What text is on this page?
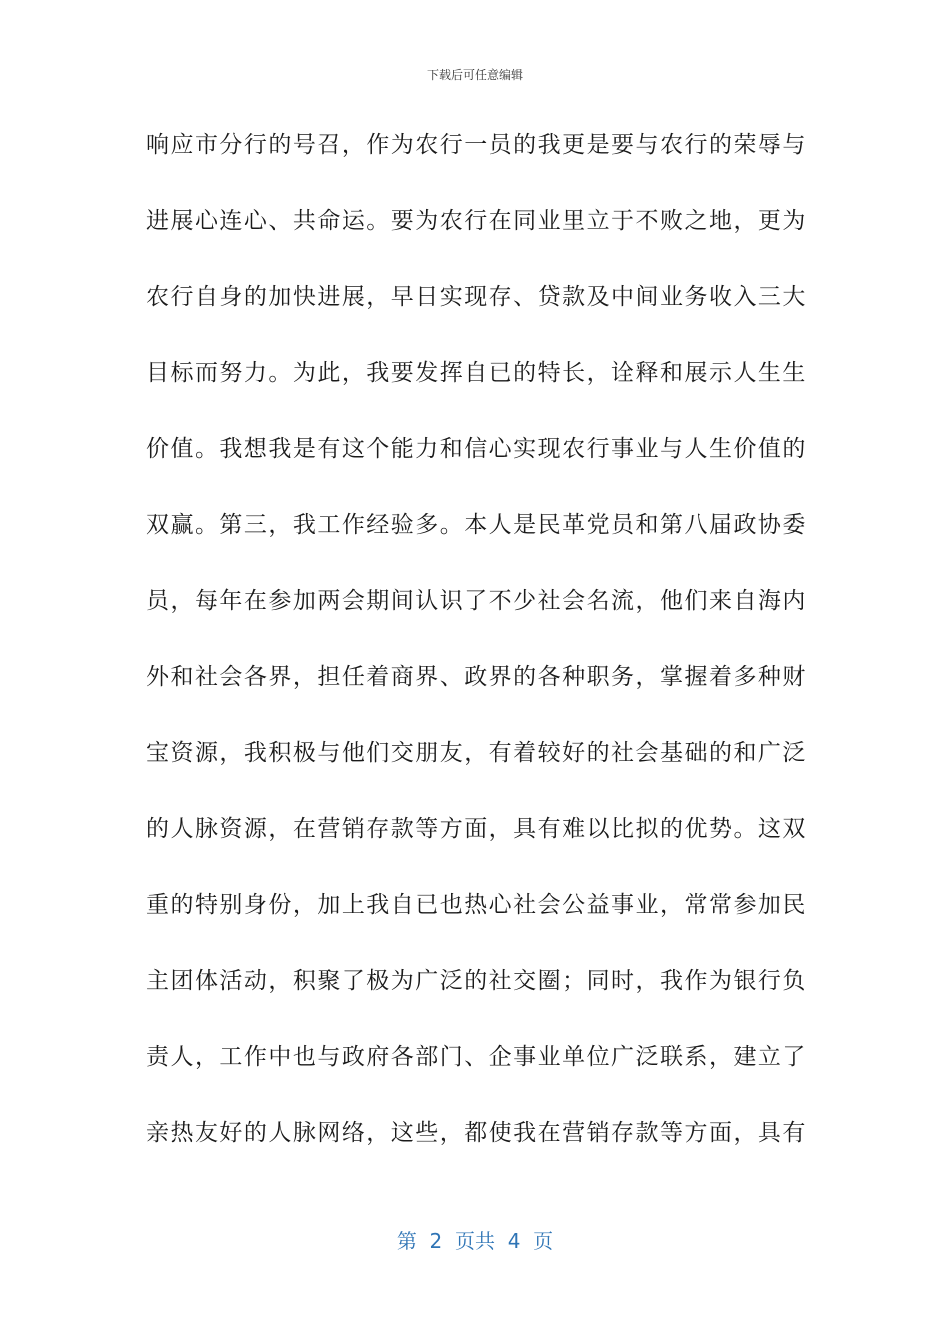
下载后可任意编辑
响应市分行的号召，作为农行一员的我更是要与农行的荣辱与
进展心连心、共命运。要为农行在同业里立于不败之地，更为
农行自身的加快进展，早日实现存、贷款及中间业务收入三大
目标而努力。为此，我要发挥自已的特长，诠释和展示人生生
价值。我想我是有这个能力和信心实现农行事业与人生价值的
双赢。第三，我工作经验多。本人是民革党员和第八届政协委
员，每年在参加两会期间认识了不少社会名流，他们来自海内
外和社会各界，担任着商界、政界的各种职务，掌握着多种财
宝资源，我积极与他们交朋友，有着较好的社会基础的和广泛
的人脉资源，在营销存款等方面，具有难以比拟的优势。这双
重的特别身份，加上我自已也热心社会公益事业，常常参加民
主团体活动，积聚了极为广泛的社交圈；同时，我作为银行负
责人，工作中也与政府各部门、企事业单位广泛联系，建立了
亲热友好的人脉网络，这些，都使我在营销存款等方面，具有
第  2  页共  4  页
